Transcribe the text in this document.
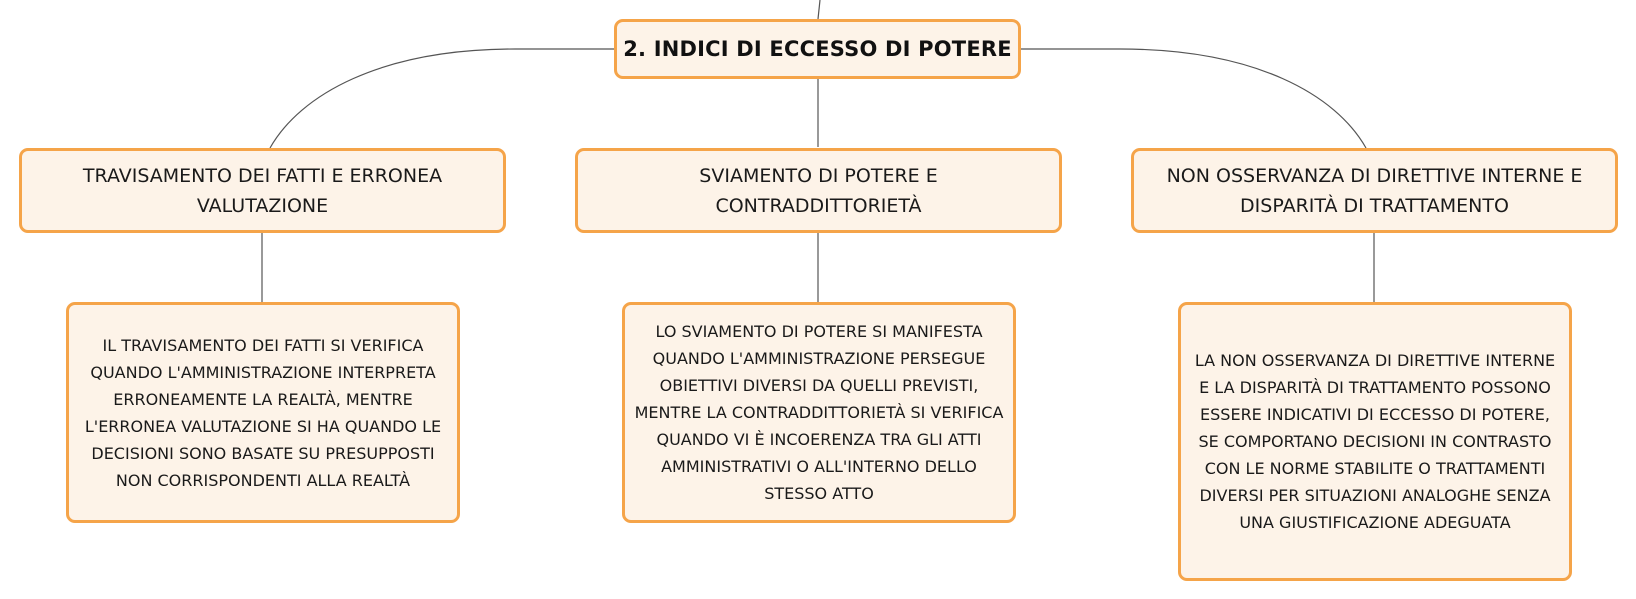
2. INDICI DI ECCESSO DI POTERE
TRAVISAMENTO DEI FATTI E ERRONEA VALUTAZIONE
SVIAMENTO DI POTERE E CONTRADDITTORIETÀ
NON OSSERVANZA DI DIRETTIVE INTERNE E DISPARITÀ DI TRATTAMENTO
IL TRAVISAMENTO DEI FATTI SI VERIFICA QUANDO L'AMMINISTRAZIONE INTERPRETA ERRONEAMENTE LA REALTÀ, MENTRE L'ERRONEA VALUTAZIONE SI HA QUANDO LE DECISIONI SONO BASATE SU PRESUPPOSTI NON CORRISPONDENTI ALLA REALTÀ
LO SVIAMENTO DI POTERE SI MANIFESTA QUANDO L'AMMINISTRAZIONE PERSEGUE OBIETTIVI DIVERSI DA QUELLI PREVISTI, MENTRE LA CONTRADDITTORIETÀ SI VERIFICA QUANDO VI È INCOERENZA TRA GLI ATTI AMMINISTRATIVI O ALL'INTERNO DELLO STESSO ATTO
LA NON OSSERVANZA DI DIRETTIVE INTERNE E LA DISPARITÀ DI TRATTAMENTO POSSONO ESSERE INDICATIVI DI ECCESSO DI POTERE, SE COMPORTANO DECISIONI IN CONTRASTO CON LE NORME STABILITE O TRATTAMENTI DIVERSI PER SITUAZIONI ANALOGHE SENZA UNA GIUSTIFICAZIONE ADEGUATA
